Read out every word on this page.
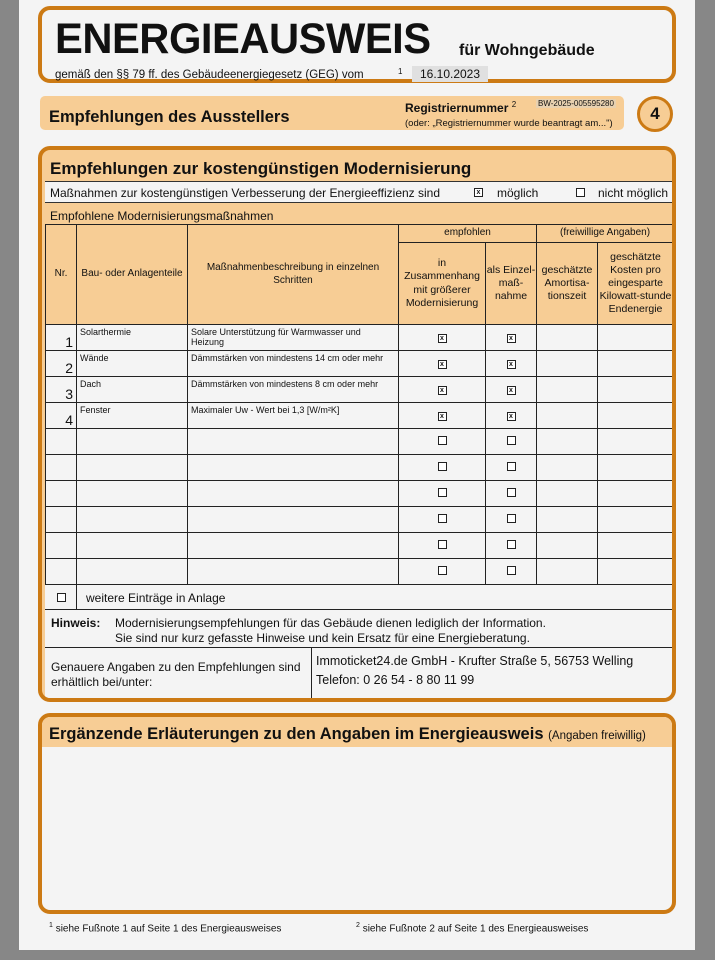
ENERGIEAUSWEIS für Wohngebäude
gemäß den §§ 79 ff. des Gebäudeenergiegesetz (GEG) vom	1	16.10.2023
Empfehlungen des Ausstellers	Registriernummer $^2$	BW-2025-005595280
(oder: „Registriernummer wurde beantragt am...")
4
Empfehlungen zur kostengünstigen Modernisierung
Maßnahmen zur kostengünstigen Verbesserung der Energieeffizienz sind	x möglich	nicht möglich
Empfohlene Modernisierungsmaßnahmen
Nr.	Bau- oder Anlagenteile	Maßnahmenbeschreibung in einzelnen Schritten	empfohlen		(freiwillige Angaben)	
			in Zusammenhang mit größerer Modernisierung	als Einzel-maß-nahme	geschätzte Amortisa-tionszeit	geschätzte Kosten pro eingesparte Kilowatt-stunde Endenergie
1	Solarthermie	Solare Unterstützung für Warmwasser und Heizung	x	x		
2	Wände	Dämmstärken von mindestens 14 cm oder mehr	x	x		
3	Dach	Dämmstärken von mindestens 8 cm oder mehr	x	x		
4	Fenster	Maximaler Uw - Wert bei 1,3 [W/m²K]	x	x		

weitere Einträge in Anlage
Hinweis: Modernisierungsempfehlungen für das Gebäude dienen lediglich der Information.
Sie sind nur kurz gefasste Hinweise und kein Ersatz für eine Energieberatung.
Genauere Angaben zu den Empfehlungen sind
erhältlich bei/unter:
Immoticket24.de GmbH - Krufter Straße 5, 56753 Welling
Telefon: 0 26 54 - 8 80 11 99
Ergänzende Erläuterungen zu den Angaben im Energieausweis (Angaben freiwillig)
$^1$ siehe Fußnote 1 auf Seite 1 des Energieausweises	$^2$ siehe Fußnote 2 auf Seite 1 des Energieausweises
